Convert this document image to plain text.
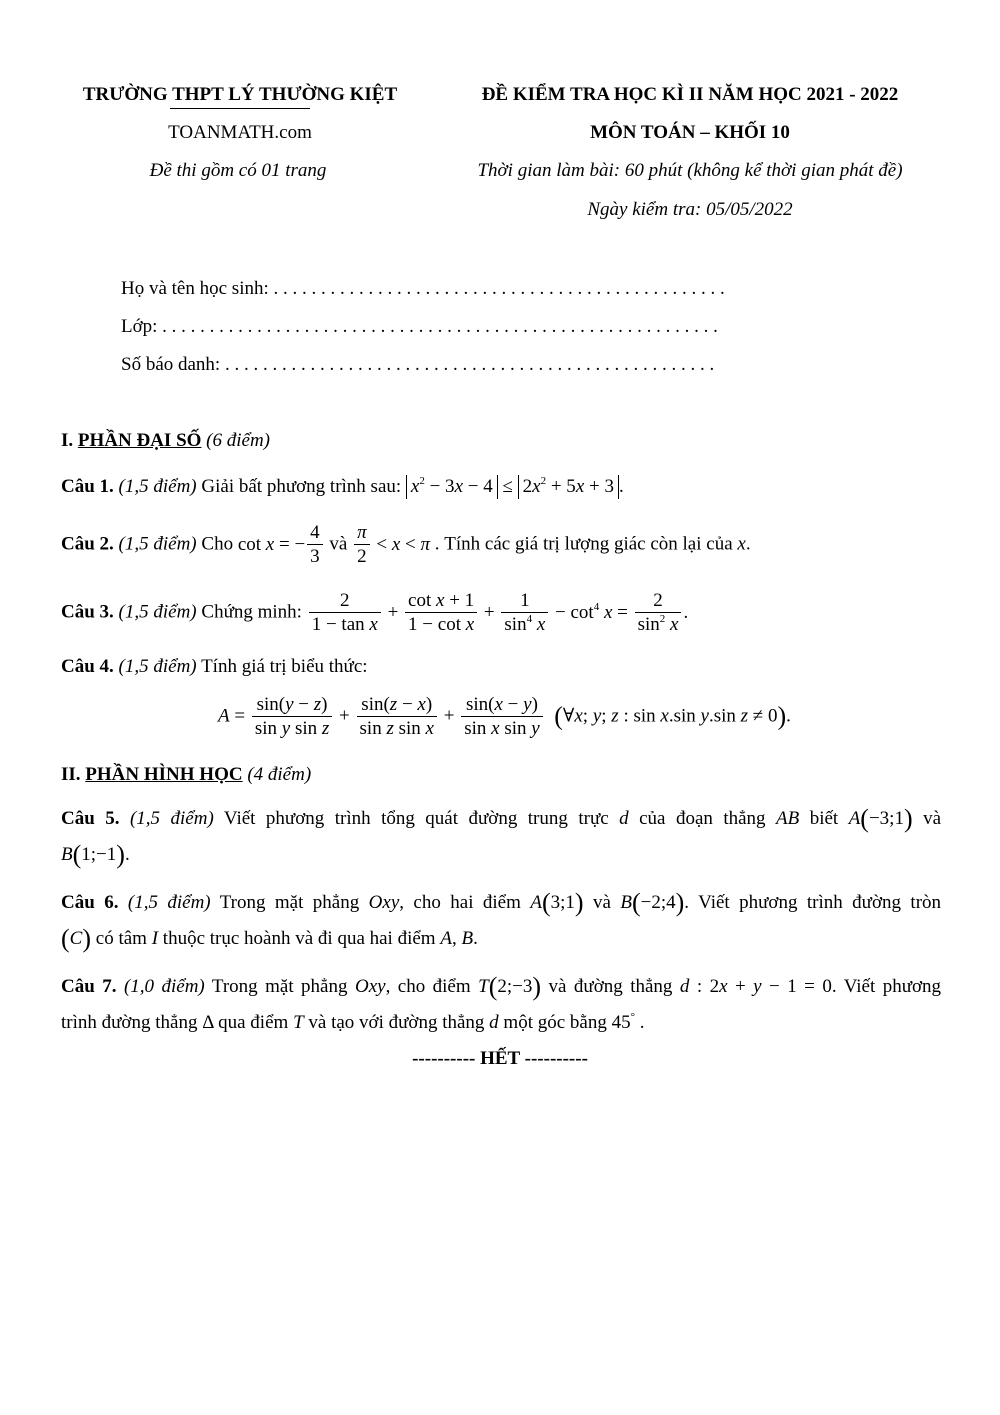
TRƯỜNG THPT LÝ THƯỜNG KIỆT
TOANMATH.com
Đề thi gồm có 01 trang
ĐỀ KIỂM TRA HỌC KÌ II NĂM HỌC 2021 - 2022
MÔN TOÁN – KHỐI 10
Thời gian làm bài: 60 phút (không kể thời gian phát đề)
Ngày kiểm tra: 05/05/2022
Họ và tên học sinh: . . . . . . . . . . . . . . . . . . . . . . . . . . . . . . . . . . . . . . . . . . . . . . . .
Lớp: . . . . . . . . . . . . . . . . . . . . . . . . . . . . . . . . . . . . . . . . . . . . . . . . . . . . . . . . . . .
Số báo danh: . . . . . . . . . . . . . . . . . . . . . . . . . . . . . . . . . . . . . . . . . . . . . . . . . . . .
I. PHẦN ĐẠI SỐ (6 điểm)
Câu 1. (1,5 điểm) Giải bất phương trình sau: $x^2 - 3x - 4 \le 2x^2 + 5x + 3$ .
Câu 2. (1,5 điểm) Cho cot x = − $\frac{4}{3}$ và $\frac{\pi}{2} < x < \pi$ . Tính các giá trị lượng giác còn lại của x.
Câu 3. (1,5 điểm) Chứng minh: $\frac{2}{\text{1 − tan x}} + \frac{\text{cot x + 1}}{\text{1 − cot x}} + \frac{1}{\sin^4 x} - \cot^4 x = \frac{2}{\sin^2 x}$ .
Câu 4. (1,5 điểm) Tính giá trị biểu thức:
$A = \frac{\sin(y - z)}{\text{sin y sin z}} + \frac{\sin(z - x)}{\text{sin z sin x}} + \frac{\sin(x - y)}{\text{sin x sin y}}$ (∀x; y; z : sin x.sin y.sin z ≠ 0).
II. PHẦN HÌNH HỌC (4 điểm)
Câu 5. (1,5 điểm) Viết phương trình tổng quát đường trung trực d của đoạn thẳng AB biết A(−3;1) và
B(1;−1).
Câu 6. (1,5 điểm) Trong mặt phẳng Oxy, cho hai điểm A(3;1) và B(−2;4). Viết phương trình đường tròn
(C) có tâm I thuộc trục hoành và đi qua hai điểm A, B.
Câu 7. (1,0 điểm) Trong mặt phẳng Oxy, cho điểm T(2;−3) và đường thẳng d : 2x + y − 1 = 0. Viết phương
trình đường thẳng Δ qua điểm T và tạo với đường thẳng d một góc bằng 45° .
---------- HẾT ----------
